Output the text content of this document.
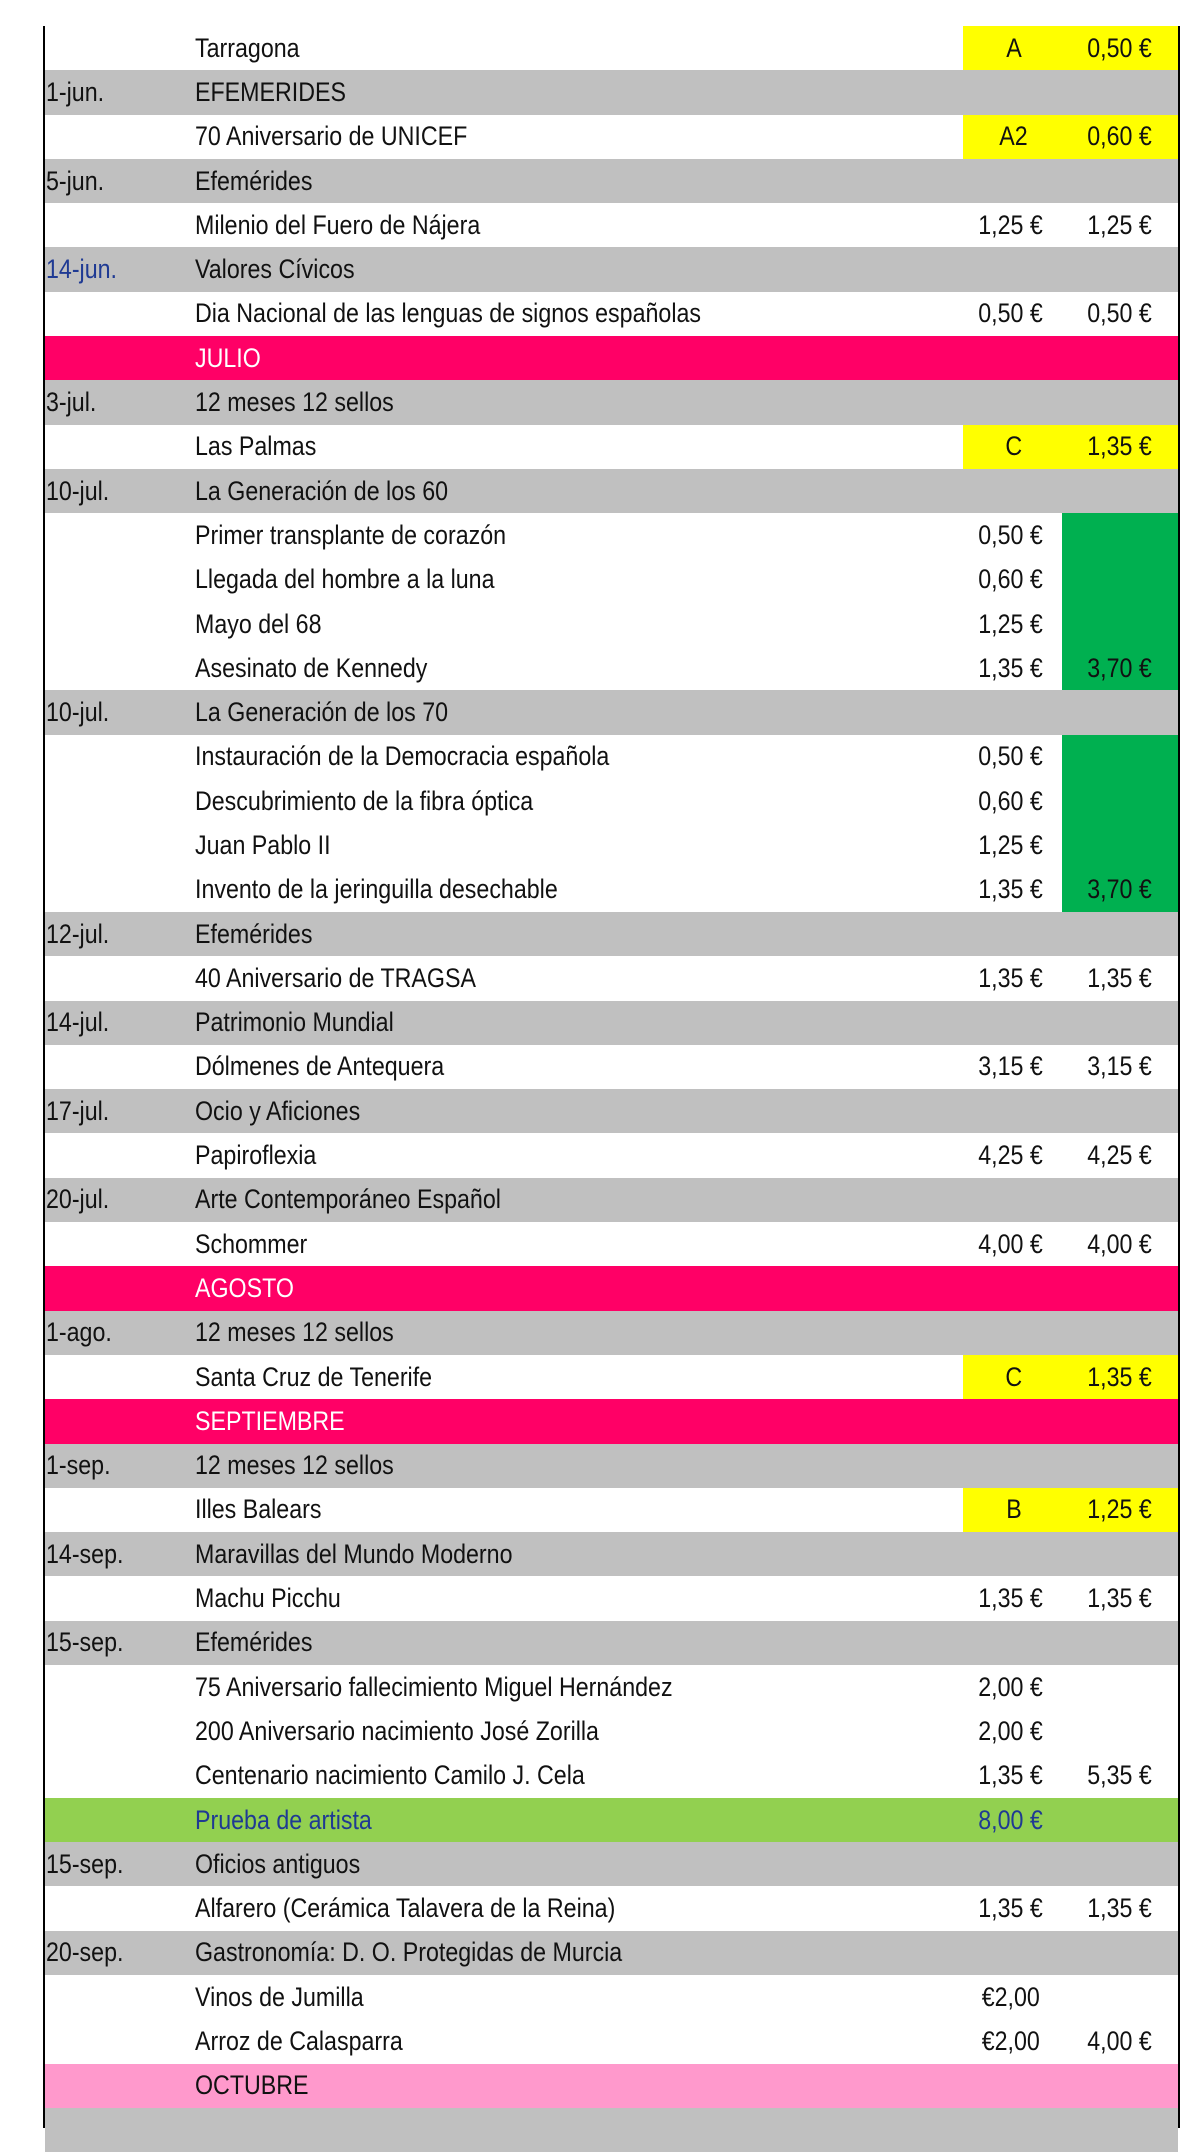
Tarragona	A 0,50 €
1-jun.	EFEMERIDES
70 Aniversario de UNICEF	A2 0,60 €
5-jun.	Efemérides
Milenio del Fuero de Nájera	1,25 € 1,25 €
14-jun.	Valores Cívicos
Dia Nacional de las lenguas de signos españolas	0,50 € 0,50 €
JULIO
3-jul.	12 meses 12 sellos
Las Palmas	C 1,35 €
10-jul.	La Generación de los 60
Primer transplante de corazón	0,50 €
Llegada del hombre a la luna	0,60 €
Mayo del 68	1,25 €
Asesinato de Kennedy	1,35 € 3,70 €
10-jul.	La Generación de los 70
Instauración de la Democracia española	0,50 €
Descubrimiento de la fibra óptica	0,60 €
Juan Pablo II	1,25 €
Invento de la jeringuilla desechable	1,35 € 3,70 €
12-jul.	Efemérides
40 Aniversario de TRAGSA	1,35 € 1,35 €
14-jul.	Patrimonio Mundial
Dólmenes de Antequera	3,15 € 3,15 €
17-jul.	Ocio y Aficiones
Papiroflexia	4,25 € 4,25 €
20-jul.	Arte Contemporáneo Español
Schommer	4,00 € 4,00 €
AGOSTO
1-ago.	12 meses 12 sellos
Santa Cruz de Tenerife	C 1,35 €
SEPTIEMBRE
1-sep.	12 meses 12 sellos
Illes Balears	B 1,25 €
14-sep.	Maravillas del Mundo Moderno
Machu Picchu	1,35 € 1,35 €
15-sep.	Efemérides
75 Aniversario fallecimiento Miguel Hernández	2,00 €
200 Aniversario nacimiento José Zorilla	2,00 €
Centenario nacimiento Camilo J. Cela	1,35 € 5,35 €
Prueba de artista	8,00 €
15-sep.	Oficios antiguos
Alfarero (Cerámica Talavera de la Reina)	1,35 € 1,35 €
20-sep.	Gastronomía: D. O. Protegidas de Murcia
Vinos de Jumilla	€2,00
Arroz de Calasparra	€2,00 4,00 €
OCTUBRE
